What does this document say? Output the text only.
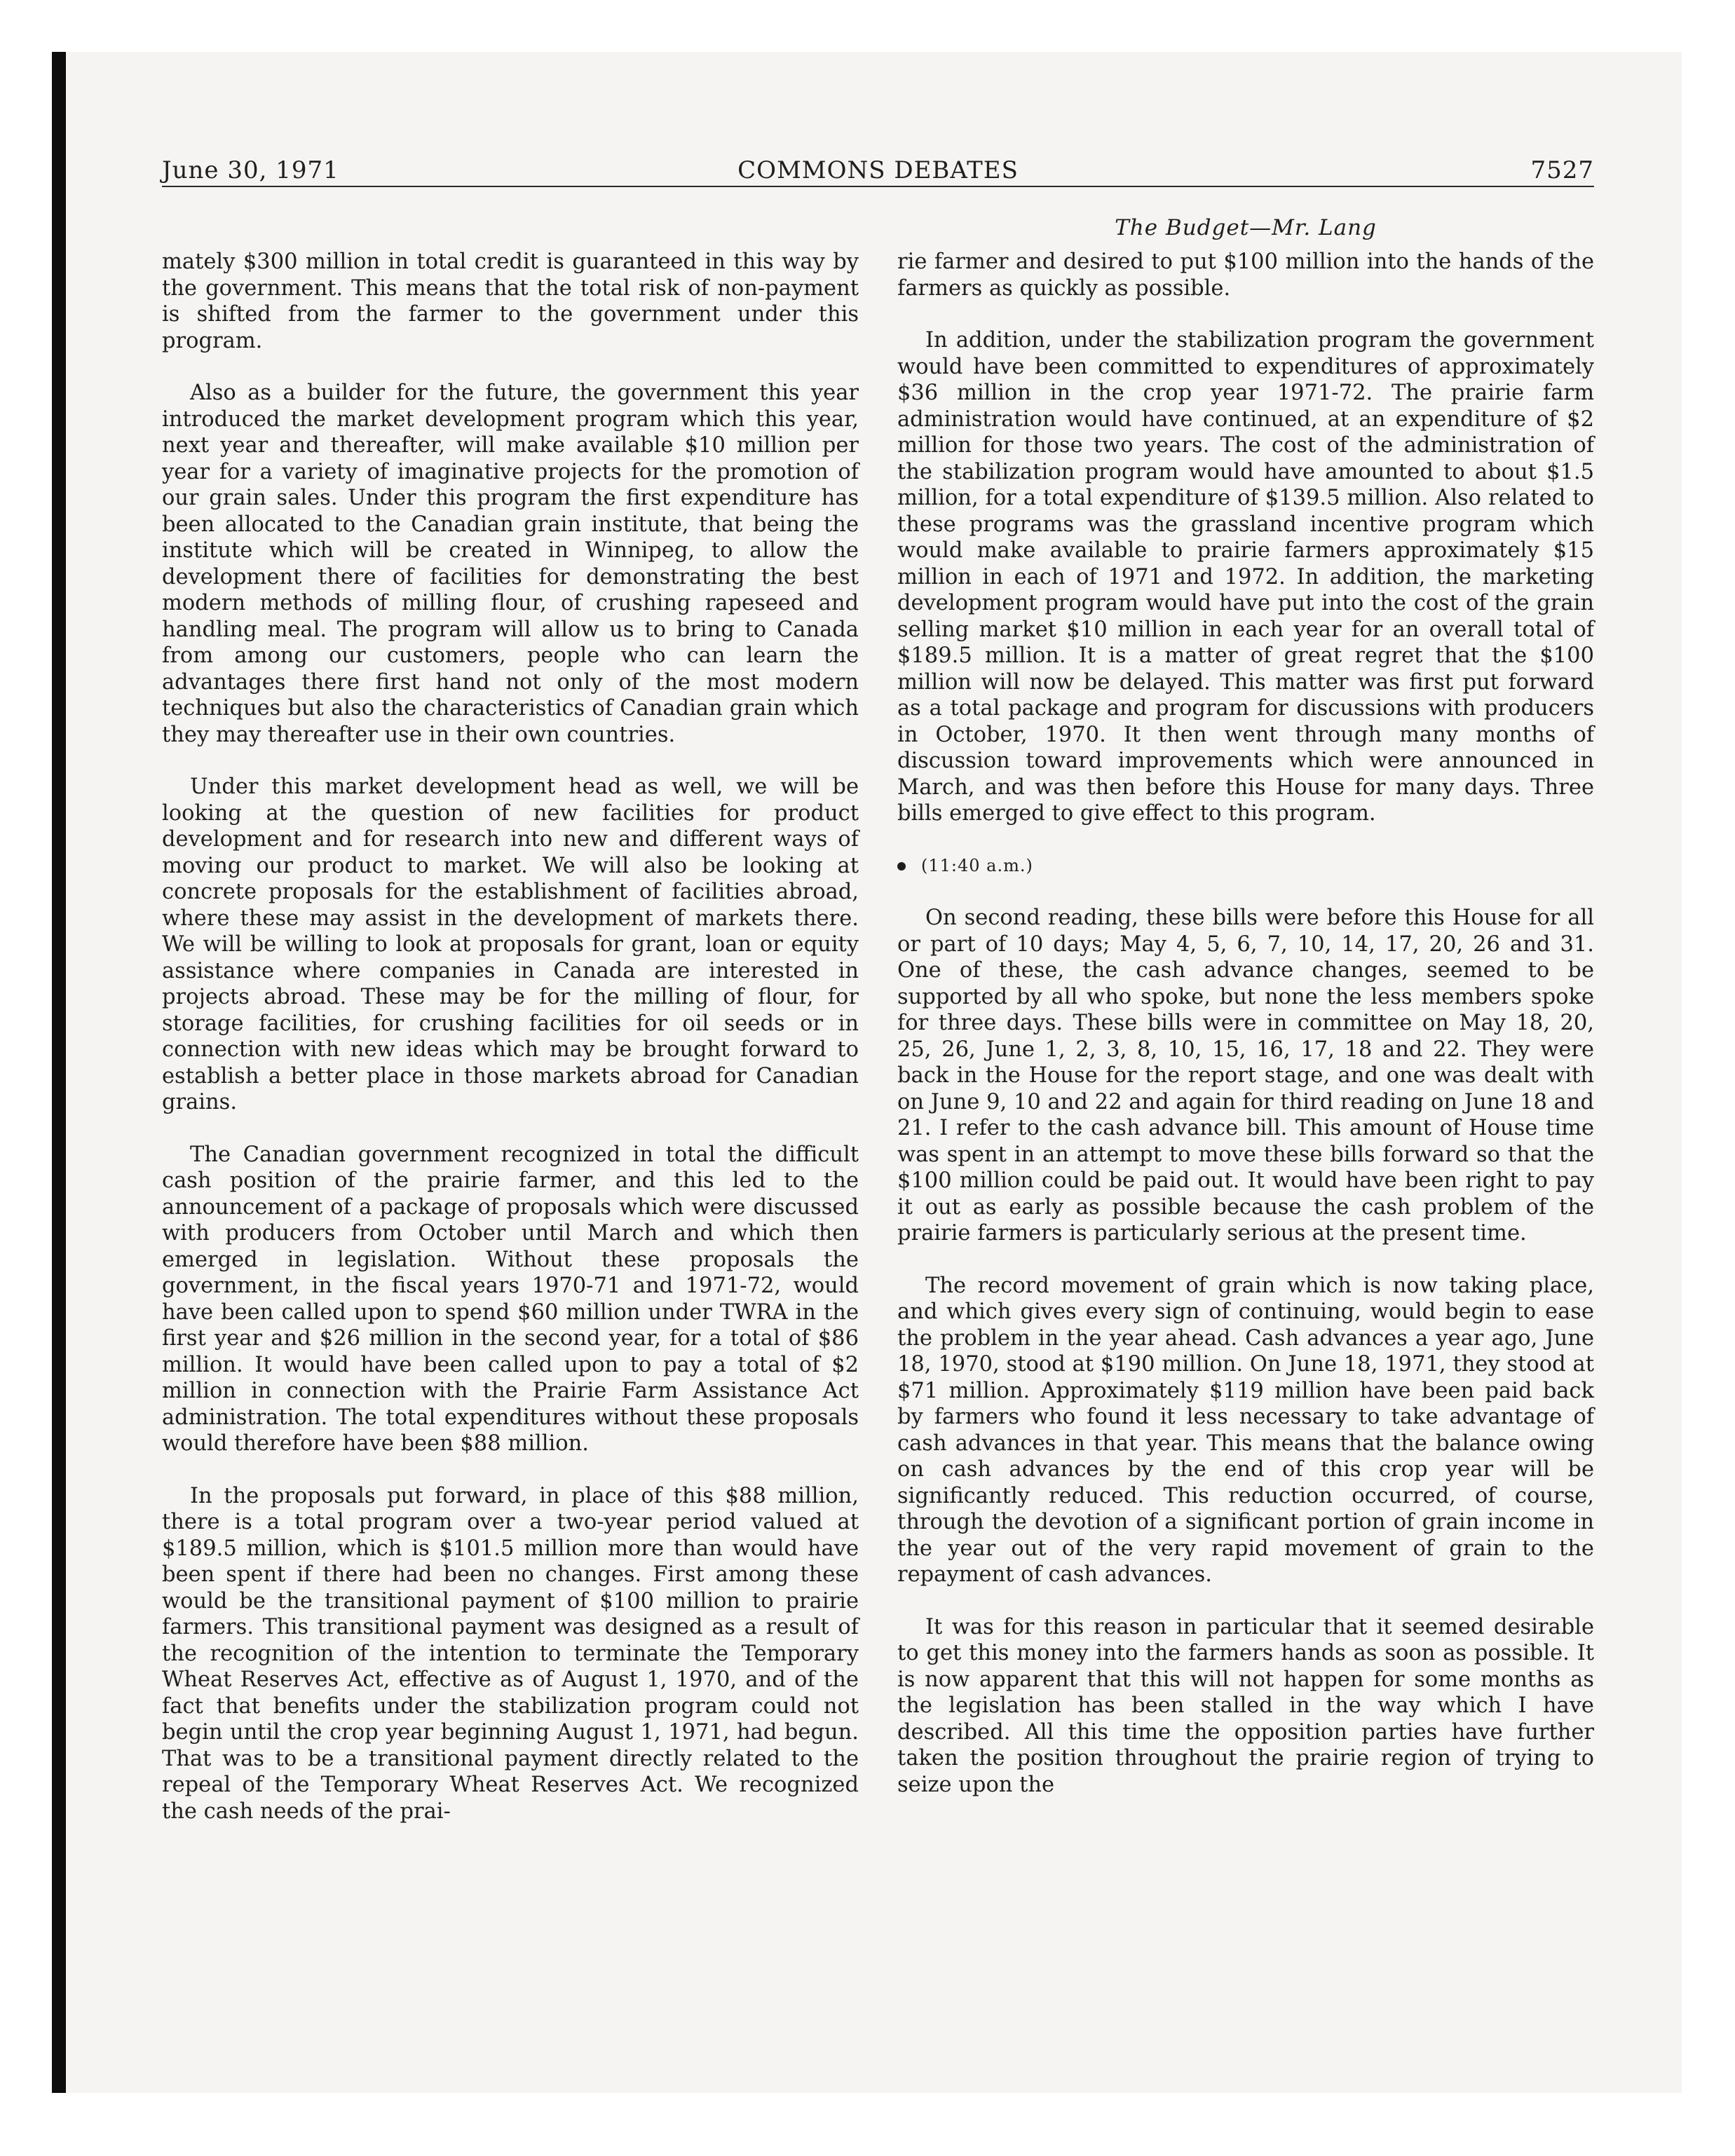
COMMONS DEBATES
June 30, 1971	7527
The Budget—Mr. Lang

mately $300 million in total credit is guaranteed in this way by the government. This means that the total risk of non-payment is shifted from the farmer to the government under this program.

Also as a builder for the future, the government this year introduced the market development program which this year, next year and thereafter, will make available $10 million per year for a variety of imaginative projects for the promotion of our grain sales. Under this program the first expenditure has been allocated to the Canadian grain institute, that being the institute which will be created in Winnipeg, to allow the development there of facilities for demonstrating the best modern methods of milling flour, of crushing rapeseed and handling meal. The program will allow us to bring to Canada from among our customers, people who can learn the advantages there first hand not only of the most modern techniques but also the characteristics of Canadian grain which they may thereafter use in their own countries.

Under this market development head as well, we will be looking at the question of new facilities for product development and for research into new and different ways of moving our product to market. We will also be looking at concrete proposals for the establishment of facilities abroad, where these may assist in the development of markets there. We will be willing to look at proposals for grant, loan or equity assistance where companies in Canada are interested in projects abroad. These may be for the milling of flour, for storage facilities, for crushing facilities for oil seeds or in connection with new ideas which may be brought forward to establish a better place in those markets abroad for Canadian grains.

The Canadian government recognized in total the difficult cash position of the prairie farmer, and this led to the announcement of a package of proposals which were discussed with producers from October until March and which then emerged in legislation. Without these proposals the government, in the fiscal years 1970-71 and 1971-72, would have been called upon to spend $60 million under TWRA in the first year and $26 million in the second year, for a total of $86 million. It would have been called upon to pay a total of $2 million in connection with the Prairie Farm Assistance Act administration. The total expenditures without these proposals would therefore have been $88 million.

In the proposals put forward, in place of this $88 million, there is a total program over a two-year period valued at $189.5 million, which is $101.5 million more than would have been spent if there had been no changes. First among these would be the transitional payment of $100 million to prairie farmers. This transitional payment was designed as a result of the recognition of the intention to terminate the Temporary Wheat Reserves Act, effective as of August 1, 1970, and of the fact that benefits under the stabilization program could not begin until the crop year beginning August 1, 1971, had begun. That was to be a transitional payment directly related to the repeal of the Temporary Wheat Reserves Act. We recognized the cash needs of the prai-

rie farmer and desired to put $100 million into the hands of the farmers as quickly as possible.

In addition, under the stabilization program the government would have been committed to expenditures of approximately $36 million in the crop year 1971-72. The prairie farm administration would have continued, at an expenditure of $2 million for those two years. The cost of the administration of the stabilization program would have amounted to about $1.5 million, for a total expenditure of $139.5 million. Also related to these programs was the grassland incentive program which would make available to prairie farmers approximately $15 million in each of 1971 and 1972. In addition, the marketing development program would have put into the cost of the grain selling market $10 million in each year for an overall total of $189.5 million. It is a matter of great regret that the $100 million will now be delayed. This matter was first put forward as a total package and program for discussions with producers in October, 1970. It then went through many months of discussion toward improvements which were announced in March, and was then before this House for many days. Three bills emerged to give effect to this program.

(11:40 a.m.)

On second reading, these bills were before this House for all or part of 10 days; May 4, 5, 6, 7, 10, 14, 17, 20, 26 and 31. One of these, the cash advance changes, seemed to be supported by all who spoke, but none the less members spoke for three days. These bills were in committee on May 18, 20, 25, 26, June 1, 2, 3, 8, 10, 15, 16, 17, 18 and 22. They were back in the House for the report stage, and one was dealt with on June 9, 10 and 22 and again for third reading on June 18 and 21. I refer to the cash advance bill. This amount of House time was spent in an attempt to move these bills forward so that the $100 million could be paid out. It would have been right to pay it out as early as possible because the cash problem of the prairie farmers is particularly serious at the present time.

The record movement of grain which is now taking place, and which gives every sign of continuing, would begin to ease the problem in the year ahead. Cash advances a year ago, June 18, 1970, stood at $190 million. On June 18, 1971, they stood at $71 million. Approximately $119 million have been paid back by farmers who found it less necessary to take advantage of cash advances in that year. This means that the balance owing on cash advances by the end of this crop year will be significantly reduced. This reduction occurred, of course, through the devotion of a significant portion of grain income in the year out of the very rapid movement of grain to the repayment of cash advances.

It was for this reason in particular that it seemed desirable to get this money into the farmers hands as soon as possible. It is now apparent that this will not happen for some months as the legislation has been stalled in the way which I have described. All this time the opposition parties have further taken the position throughout the prairie region of trying to seize upon the
